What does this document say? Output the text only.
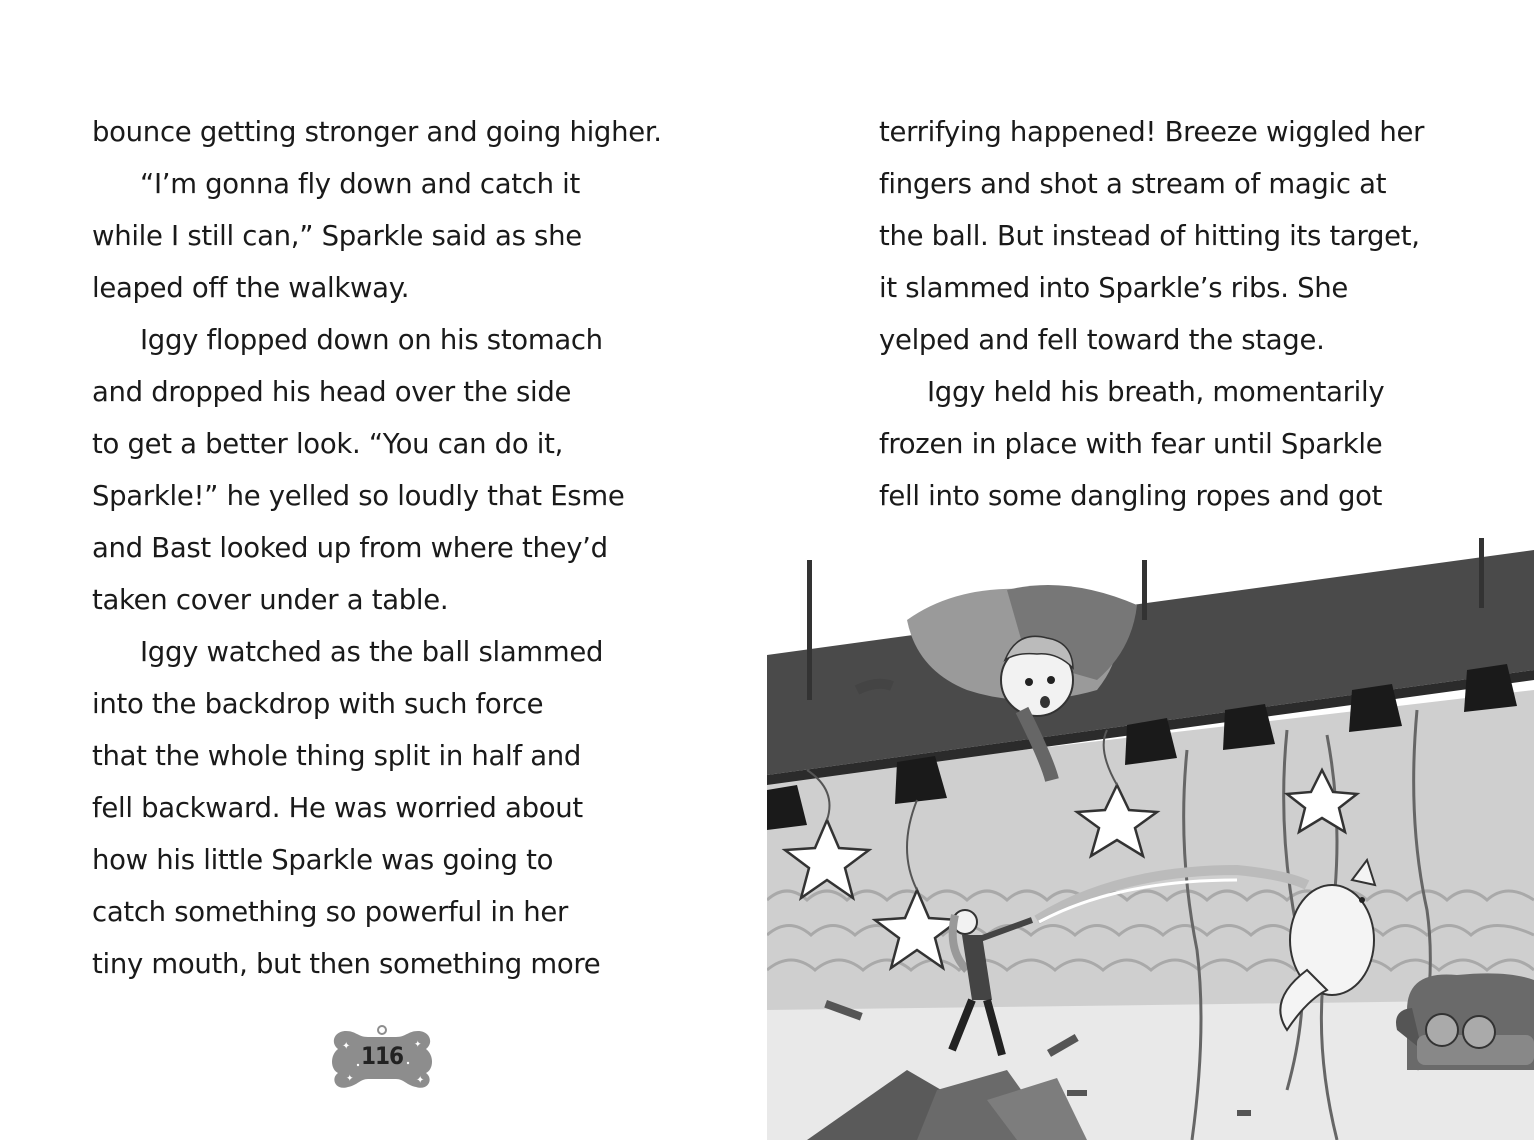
bounce getting stronger and going higher.
“I’m gonna fly down and catch it
while I still can,” Sparkle said as she
leaped off the walkway.
Iggy flopped down on his stomach
and dropped his head over the side
to get a better look. “You can do it,
Sparkle!” he yelled so loudly that Esme
and Bast looked up from where they’d
taken cover under a table.
Iggy watched as the ball slammed
into the backdrop with such force
that the whole thing split in half and
fell backward. He was worried about
how his little Sparkle was going to
catch something so powerful in her
tiny mouth, but then something more
✦	✦
✦	✦
116
terrifying happened! Breeze wiggled her
fingers and shot a stream of magic at
the ball. But instead of hitting its target,
it slammed into Sparkle’s ribs. She
yelped and fell toward the stage.
Iggy held his breath, momentarily
frozen in place with fear until Sparkle
fell into some dangling ropes and got
